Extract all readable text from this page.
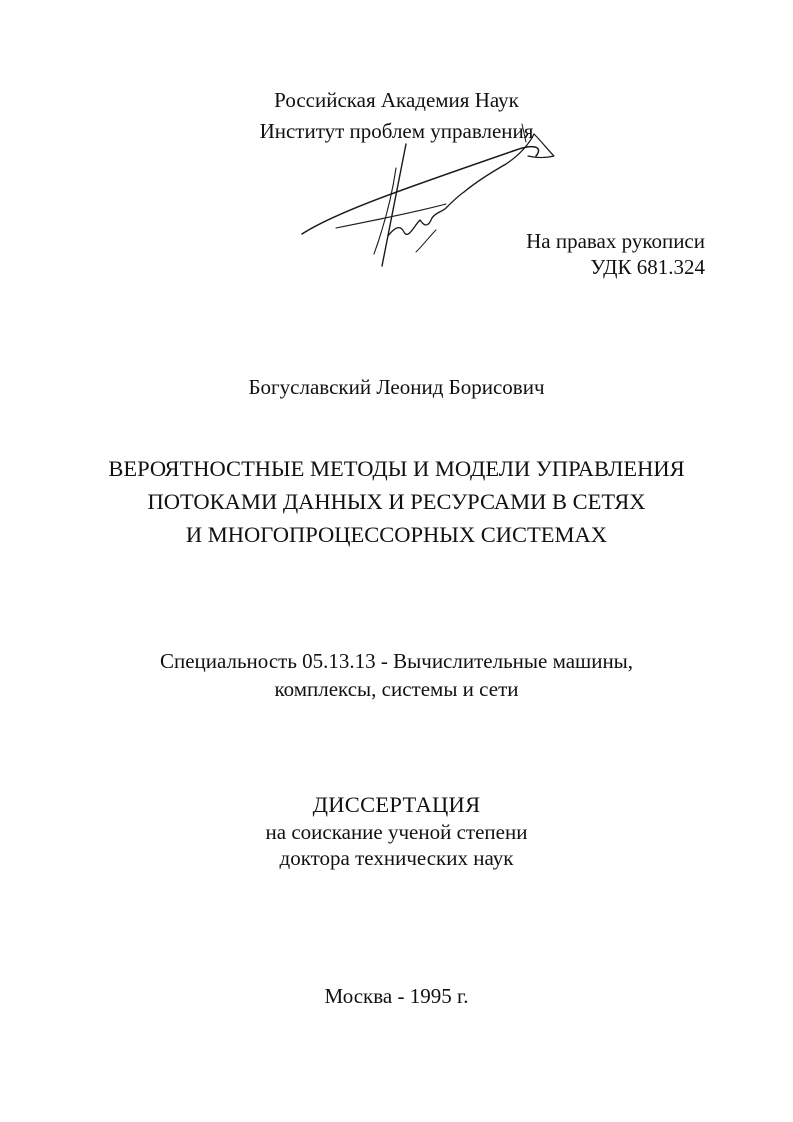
Российская Академия Наук
Институт проблем управления
На правах рукописи
УДК 681.324
Богуславский Леонид Борисович
ВЕРОЯТНОСТНЫЕ МЕТОДЫ И МОДЕЛИ УПРАВЛЕНИЯ
ПОТОКАМИ ДАННЫХ И РЕСУРСАМИ В СЕТЯХ
И МНОГОПРОЦЕССОРНЫХ СИСТЕМАХ
Специальность 05.13.13 - Вычислительные машины,
комплексы, системы и сети
ДИССЕРТАЦИЯ
на соискание ученой степени
доктора технических наук
Москва - 1995 г.
